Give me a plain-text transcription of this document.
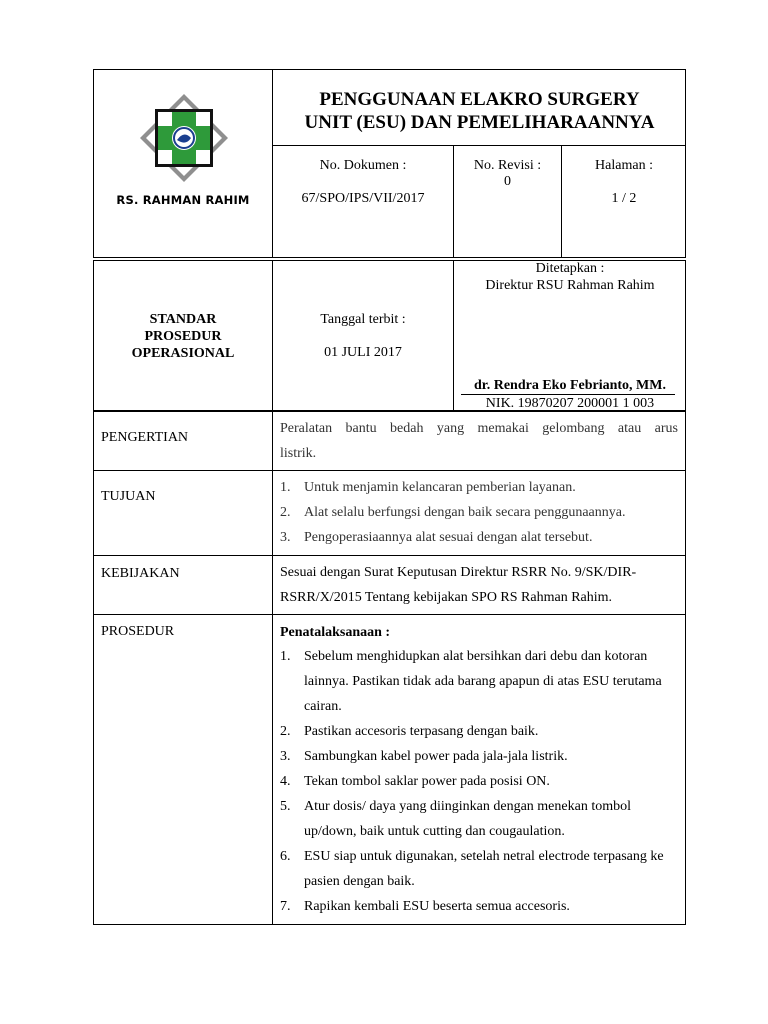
RS. RAHMAN RAHIM
PENGGUNAAN ELAKRO SURGERY
UNIT (ESU) DAN PEMELIHARAANNYA
No. Dokumen :
67/SPO/IPS/VII/2017
No. Revisi :
0
Halaman :
1 / 2
STANDAR
PROSEDUR
OPERASIONAL
Tanggal terbit :
01 JULI 2017
Ditetapkan :
Direktur RSU Rahman Rahim
dr. Rendra Eko Febrianto, MM.
NIK. 19870207 200001 1 003
PENGERTIAN
Peralatan bantu bedah yang memakai gelombang atau arus
listrik.
TUJUAN
1. Untuk menjamin kelancaran pemberian layanan.
2. Alat selalu berfungsi dengan baik secara penggunaannya.
3. Pengoperasiaannya alat sesuai dengan alat tersebut.
KEBIJAKAN	Sesuai dengan Surat Keputusan Direktur RSRR No. 9/SK/DIR-
RSRR/X/2015 Tentang kebijakan SPO RS Rahman Rahim.
PROSEDUR	Penatalaksanaan :
1. Sebelum menghidupkan alat bersihkan dari debu dan kotoran lainnya. Pastikan tidak ada barang apapun di atas ESU terutama cairan.
2. Pastikan accesoris terpasang dengan baik.
3. Sambungkan kabel power pada jala-jala listrik.
4. Tekan tombol saklar power pada posisi ON.
5. Atur dosis/ daya yang diinginkan dengan menekan tombol up/down, baik untuk cutting dan cougaulation.
6. ESU siap untuk digunakan, setelah netral electrode terpasang ke pasien dengan baik.
7. Rapikan kembali ESU beserta semua accesoris.
